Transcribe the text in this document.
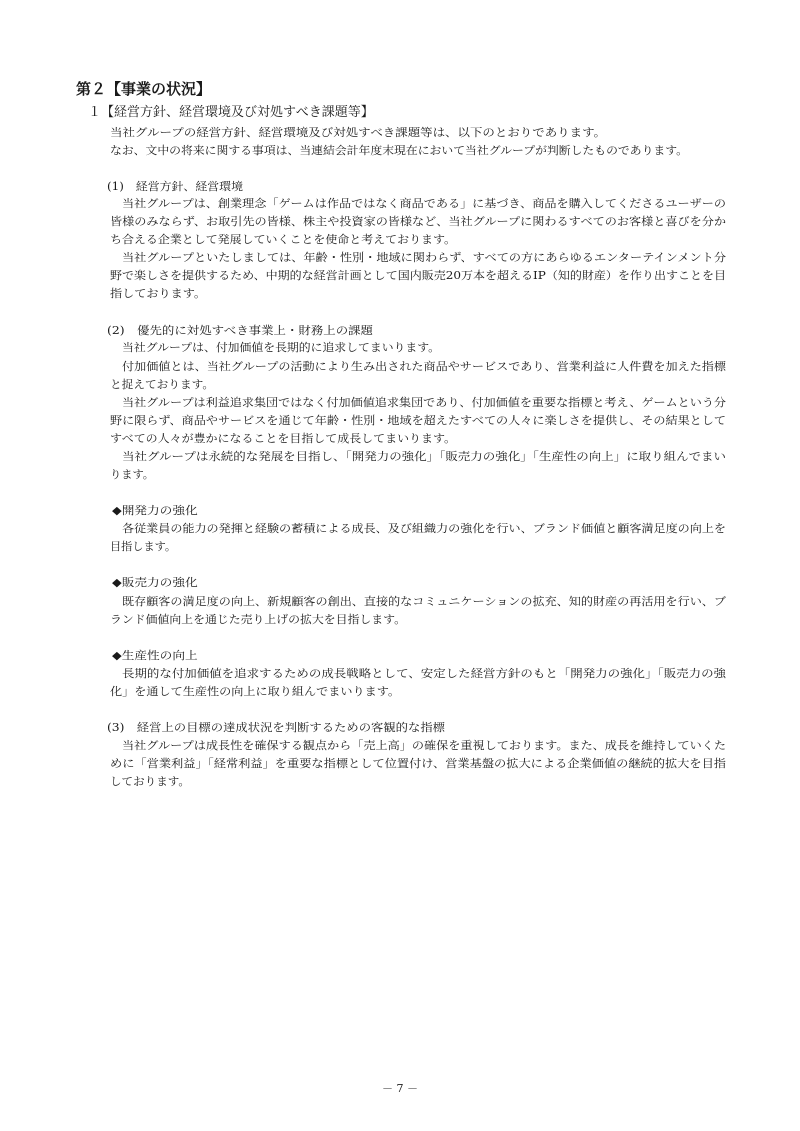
第２【事業の状況】
１【経営方針、経営環境及び対処すべき課題等】
当社グループの経営方針、経営環境及び対処すべき課題等は、以下のとおりであります。
なお、文中の将来に関する事項は、当連結会計年度末現在において当社グループが判断したものであります。
(1)　経営方針、経営環境
当社グループは、創業理念「ゲームは作品ではなく商品である」に基づき、商品を購入してくださるユーザーの
皆様のみならず、お取引先の皆様、株主や投資家の皆様など、当社グループに関わるすべてのお客様と喜びを分か
ち合える企業として発展していくことを使命と考えております。
当社グループといたしましては、年齢・性別・地域に関わらず、すべての方にあらゆるエンターテインメント分
野で楽しさを提供するため、中期的な経営計画として国内販売20万本を超えるIP（知的財産）を作り出すことを目
指しております。
(2)　優先的に対処すべき事業上・財務上の課題
当社グループは、付加価値を長期的に追求してまいります。
付加価値とは、当社グループの活動により生み出された商品やサービスであり、営業利益に人件費を加えた指標
と捉えております。
当社グループは利益追求集団ではなく付加価値追求集団であり、付加価値を重要な指標と考え、ゲームという分
野に限らず、商品やサービスを通じて年齢・性別・地域を超えたすべての人々に楽しさを提供し、その結果として
すべての人々が豊かになることを目指して成長してまいります。
当社グループは永続的な発展を目指し、「開発力の強化」「販売力の強化」「生産性の向上」に取り組んでまい
ります。
◆開発力の強化
各従業員の能力の発揮と経験の蓄積による成長、及び組織力の強化を行い、ブランド価値と顧客満足度の向上を
目指します。
◆販売力の強化
既存顧客の満足度の向上、新規顧客の創出、直接的なコミュニケーションの拡充、知的財産の再活用を行い、ブ
ランド価値向上を通じた売り上げの拡大を目指します。
◆生産性の向上
長期的な付加価値を追求するための成長戦略として、安定した経営方針のもと「開発力の強化」「販売力の強
化」を通して生産性の向上に取り組んでまいります。
(3)　経営上の目標の達成状況を判断するための客観的な指標
当社グループは成長性を確保する観点から「売上高」の確保を重視しております。また、成長を維持していくた
めに「営業利益」「経常利益」を重要な指標として位置付け、営業基盤の拡大による企業価値の継続的拡大を目指
しております。
－ 7 －
